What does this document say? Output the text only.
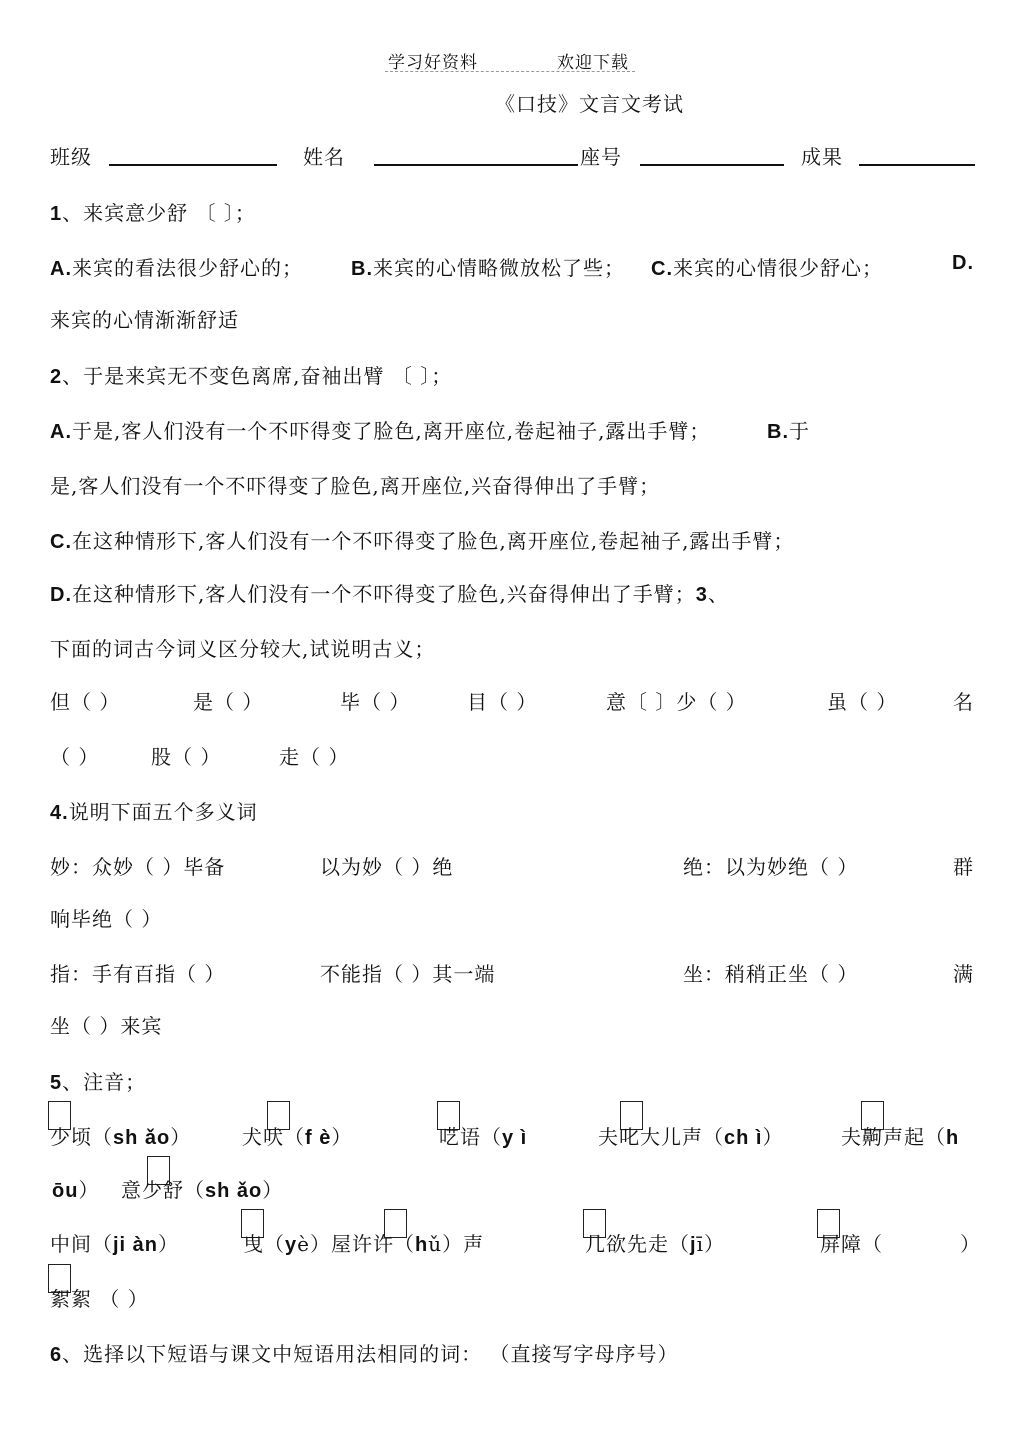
学习好资料	欢迎下载
《口技》文言文考试
班级	姓名	座号	成果
1、来宾意少舒 〔 〕；
A.来宾的看法很少舒心的； B.来宾的心情略微放松了些； C.来宾的心情很少舒心；	D.
来宾的心情渐渐舒适
2、于是来宾无不变色离席,奋袖出臂 〔 〕；
A.于是,客人们没有一个不吓得变了脸色,离开座位,卷起袖子,露出手臂；	B.于
是,客人们没有一个不吓得变了脸色,离开座位,兴奋得伸出了手臂；
C.在这种情形下,客人们没有一个不吓得变了脸色,离开座位,卷起袖子,露出手臂；
D.在这种情形下,客人们没有一个不吓得变了脸色,兴奋得伸出了手臂；3、
下面的词古今词义区分较大,试说明古义；
但（ ）	是（ ）	毕（ ）	目（ ）	意〔 〕少（ ）	虽（ ）	名
（ ）	股（ ）	走（ ）
4.说明下面五个多义词
妙：众妙（ ）毕备	以为妙（ ）绝	绝：以为妙绝（ ）	群
响毕绝（ ）
指：手有百指（ ）	不能指（ ）其一端	坐：稍稍正坐（ ）	满
坐（ ）来宾
5、注音；
少顷（sh ǎo）	犬吠（f è）	呓语（y ì	夫叱大儿声（ch ì）	夫齁声起（h
ōu） 意少舒（sh ǎo）
中间（ji àn）	曳（yè）屋许许（hǔ）声	几欲先走（jī）	屏障（	）
絮絮 （ ）
6、选择以下短语与课文中短语用法相同的词： （直接写字母序号）
